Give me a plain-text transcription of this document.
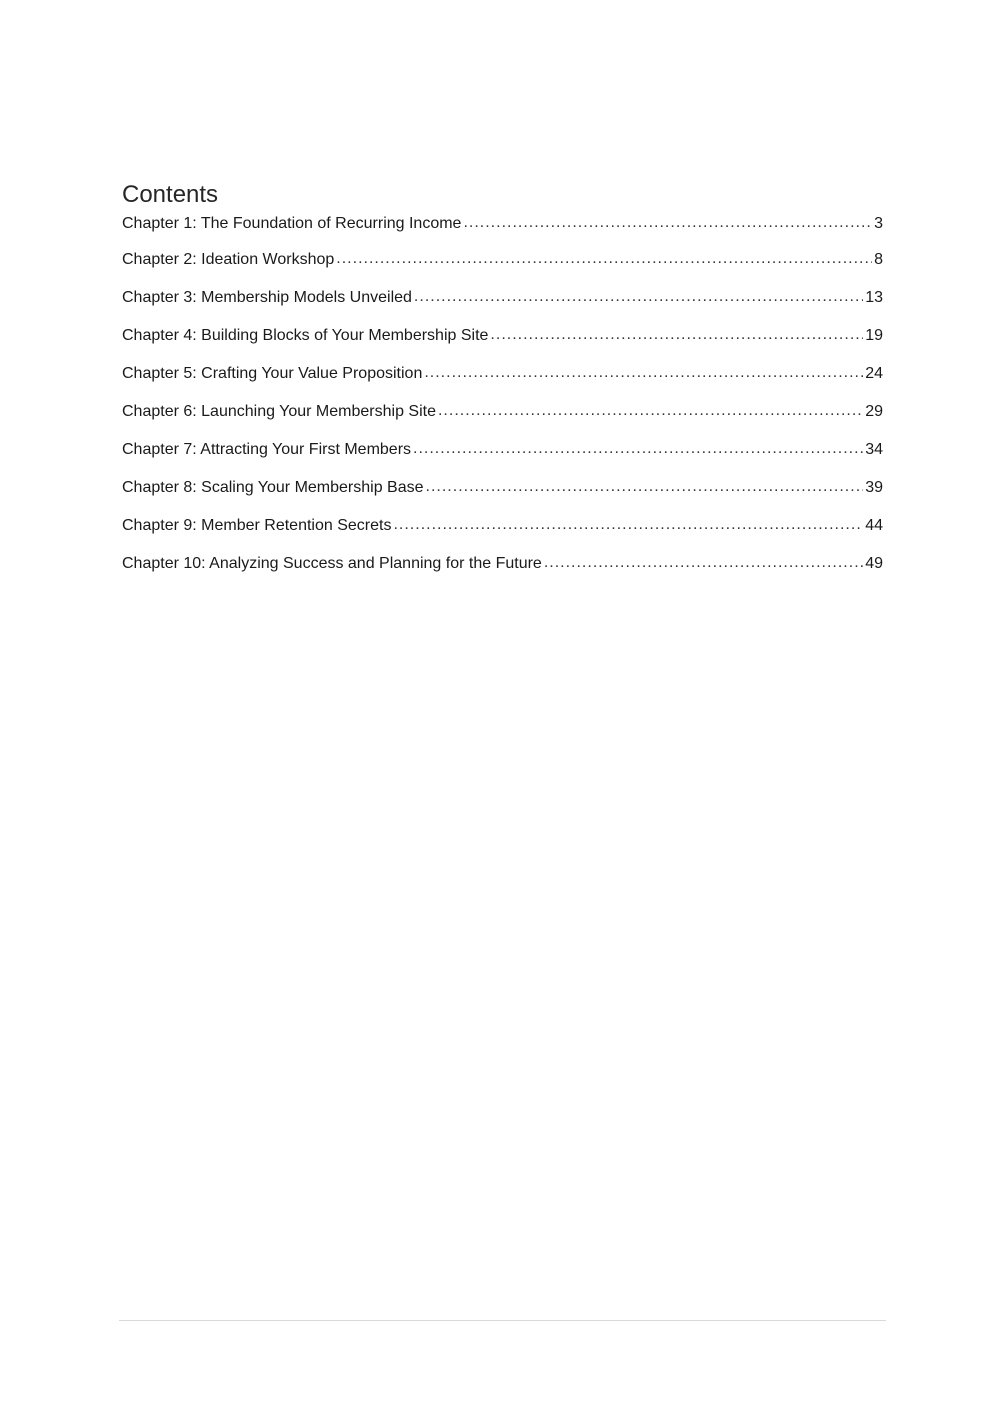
Contents
Chapter 1: The Foundation of Recurring Income .....	3
Chapter 2: Ideation Workshop .....	8
Chapter 3: Membership Models Unveiled .....	13
Chapter 4: Building Blocks of Your Membership Site .....	19
Chapter 5: Crafting Your Value Proposition .....	24
Chapter 6: Launching Your Membership Site .....	29
Chapter 7: Attracting Your First Members .....	34
Chapter 8: Scaling Your Membership Base .....	39
Chapter 9: Member Retention Secrets .....	44
Chapter 10: Analyzing Success and Planning for the Future .....	49
